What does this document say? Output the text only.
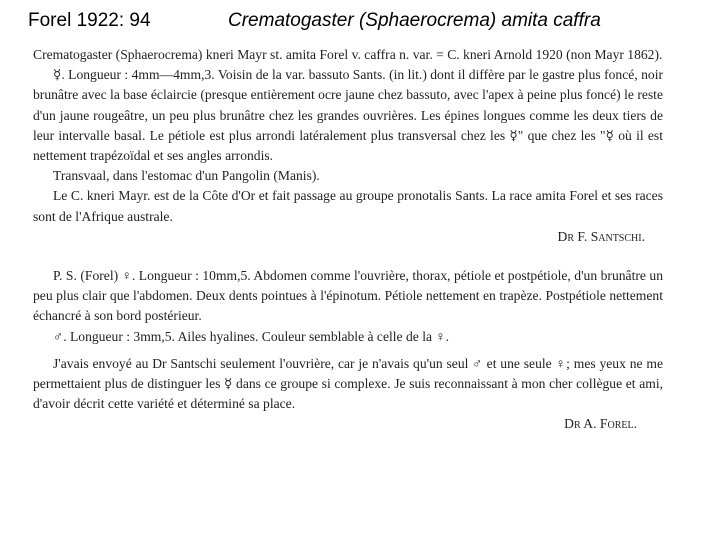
Forel 1922: 94	Crematogaster (Sphaerocrema) amita caffra

Crematogaster (Sphaerocrema) kneri Mayr st. amita Forel v. caffra n. var. = C. kneri Arnold 1920 (non Mayr 1862).

☿. Longueur : 4mm—4mm,3. Voisin de la var. bassuto Sants. (in lit.) dont il diffère par le gastre plus foncé, noir brunâtre avec la base éclaircie (presque entièrement ocre jaune chez bassuto, avec l'apex à peine plus foncé) le reste d'un jaune rougeâtre, un peu plus brunâtre chez les grandes ouvrières. Les épines longues comme les deux tiers de leur intervalle basal. Le pétiole est plus arrondi latéralement plus transversal chez les ☿" que chez les "☿ où il est nettement trapézoïdal et ses angles arrondis.

Transvaal, dans l'estomac d'un Pangolin (Manis).

Le C. kneri Mayr. est de la Côte d'Or et fait passage au groupe pronotalis Sants. La race amita Forel et ses races sont de l'Afrique australe.

Dr F. Santschi.

P. S. (Forel) ♀. Longueur : 10mm,5. Abdomen comme l'ouvrière, thorax, pétiole et postpétiole, d'un brunâtre un peu plus clair que l'abdomen. Deux dents pointues à l'épinotum. Pétiole nettement en trapèze. Postpétiole nettement échancré à son bord postérieur.

♂. Longueur : 3mm,5. Ailes hyalines. Couleur semblable à celle de la ♀.

J'avais envoyé au Dr Santschi seulement l'ouvrière, car je n'avais qu'un seul ♂ et une seule ♀; mes yeux ne me permettaient plus de distinguer les ☿ dans ce groupe si complexe. Je suis reconnaissant à mon cher collègue et ami, d'avoir décrit cette variété et déterminé sa place.

Dr A. Forel.
